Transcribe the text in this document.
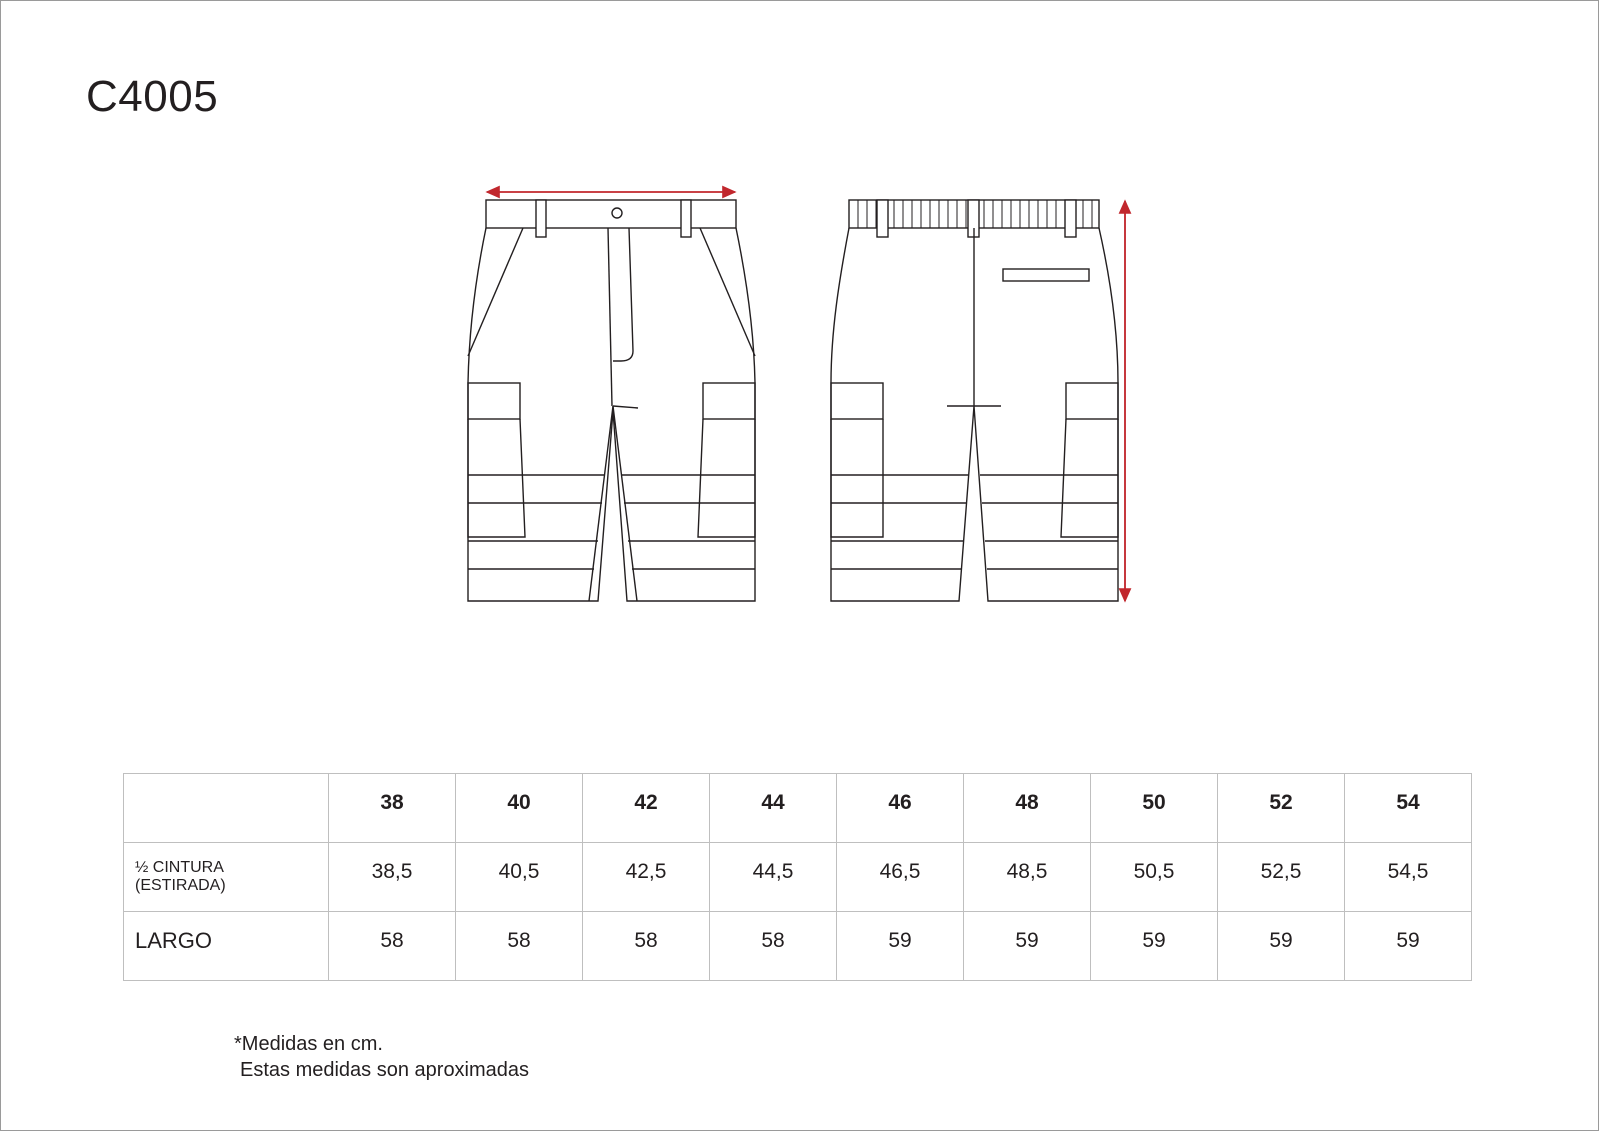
C4005
	38	40	42	44	46	48	50	52	54

½ CINTURA
(ESTIRADA)	38,5	40,5	42,5	44,5	46,5	48,5	50,5	52,5	54,5
LARGO	58	58	58	58	59	59	59	59	59
*Medidas en cm.
Estas medidas son aproximadas
